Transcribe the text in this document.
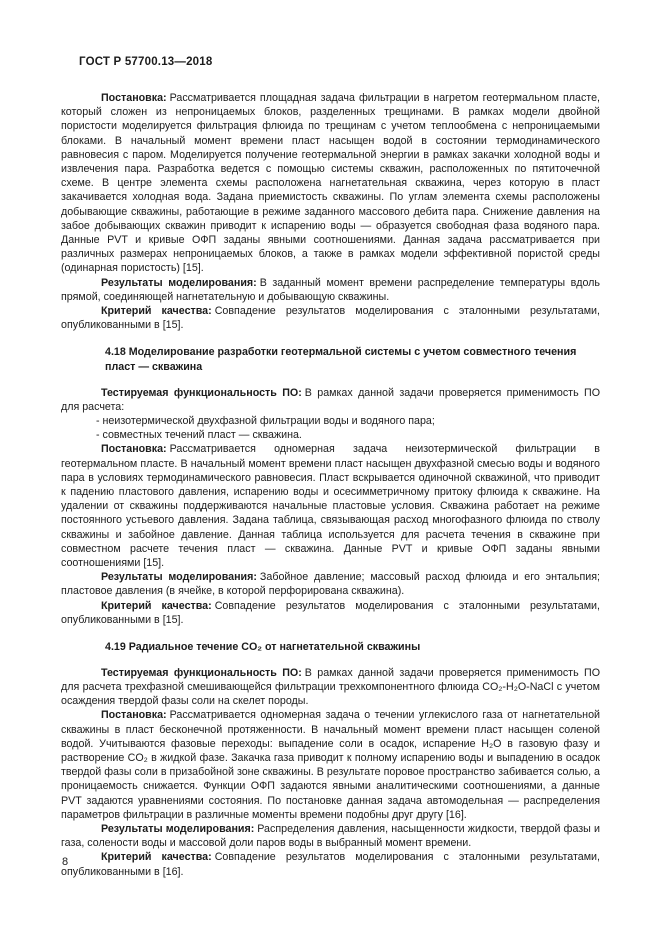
ГОСТ Р 57700.13—2018

Постановка: Рассматривается площадная задача фильтрации в нагретом геотермальном пласте, который сложен из непроницаемых блоков, разделенных трещинами. В рамках модели двойной пористости моделируется фильтрация флюида по трещинам с учетом теплообмена с непроницаемыми блоками. В начальный момент времени пласт насыщен водой в состоянии термодинамического равновесия с паром. Моделируется получение геотермальной энергии в рамках закачки холодной воды и извлечения пара. Разработка ведется с помощью системы скважин, расположенных по пятиточечной схеме. В центре элемента схемы расположена нагнетательная скважина, через которую в пласт закачивается холодная вода. Задана приемистость скважины. По углам элемента схемы расположены добывающие скважины, работающие в режиме заданного массового дебита пара. Снижение давления на забое добывающих скважин приводит к испарению воды — образуется свободная фаза водяного пара. Данные PVT и кривые ОФП заданы явными соотношениями. Данная задача рассматривается при различных размерах непроницаемых блоков, а также в рамках модели эффективной пористой среды (одинарная пористость) [15].

Результаты моделирования: В заданный момент времени распределение температуры вдоль прямой, соединяющей нагнетательную и добывающую скважины.

Критерий качества: Совпадение результатов моделирования с эталонными результатами, опубликованными в [15].

4.18 Моделирование разработки геотермальной системы с учетом совместного течения пласт — скважина

Тестируемая функциональность ПО: В рамках данной задачи проверяется применимость ПО для расчета:

- неизотермической двухфазной фильтрации воды и водяного пара;

- совместных течений пласт — скважина.

Постановка: Рассматривается одномерная задача неизотермической фильтрации в геотермальном пласте. В начальный момент времени пласт насыщен двухфазной смесью воды и водяного пара в условиях термодинамического равновесия. Пласт вскрывается одиночной скважиной, что приводит к падению пластового давления, испарению воды и осесимметричному притоку флюида к скважине. На удалении от скважины поддерживаются начальные пластовые условия. Скважина работает на режиме постоянного устьевого давления. Задана таблица, связывающая расход многофазного флюида по стволу скважины и забойное давление. Данная таблица используется для расчета течения в скважине при совместном расчете течения пласт — скважина. Данные PVT и кривые ОФП заданы явными соотношениями [15].

Результаты моделирования: Забойное давление; массовый расход флюида и его энтальпия; пластовое давления (в ячейке, в которой перфорирована скважина).

Критерий качества: Совпадение результатов моделирования с эталонными результатами, опубликованными в [15].

4.19 Радиальное течение CO₂ от нагнетательной скважины

Тестируемая функциональность ПО: В рамках данной задачи проверяется применимость ПО для расчета трехфазной смешивающейся фильтрации трехкомпонентного флюида CO₂-H₂O-NaCl с учетом осаждения твердой фазы соли на скелет породы.

Постановка: Рассматривается одномерная задача о течении углекислого газа от нагнетательной скважины в пласт бесконечной протяженности. В начальный момент времени пласт насыщен соленой водой. Учитываются фазовые переходы: выпадение соли в осадок, испарение H₂O в газовую фазу и растворение CO₂ в жидкой фазе. Закачка газа приводит к полному испарению воды и выпадению в осадок твердой фазы соли в призабойной зоне скважины. В результате поровое пространство забивается солью, а проницаемость снижается. Функции ОФП задаются явными аналитическими соотношениями, а данные PVT задаются уравнениями состояния. По постановке данная задача автомодельная — распределения параметров фильтрации в различные моменты времени подобны друг другу [16].

Результаты моделирования: Распределения давления, насыщенности жидкости, твердой фазы и газа, солености воды и массовой доли паров воды в выбранный момент времени.

Критерий качества: Совпадение результатов моделирования с эталонными результатами, опубликованными в [16].

8
